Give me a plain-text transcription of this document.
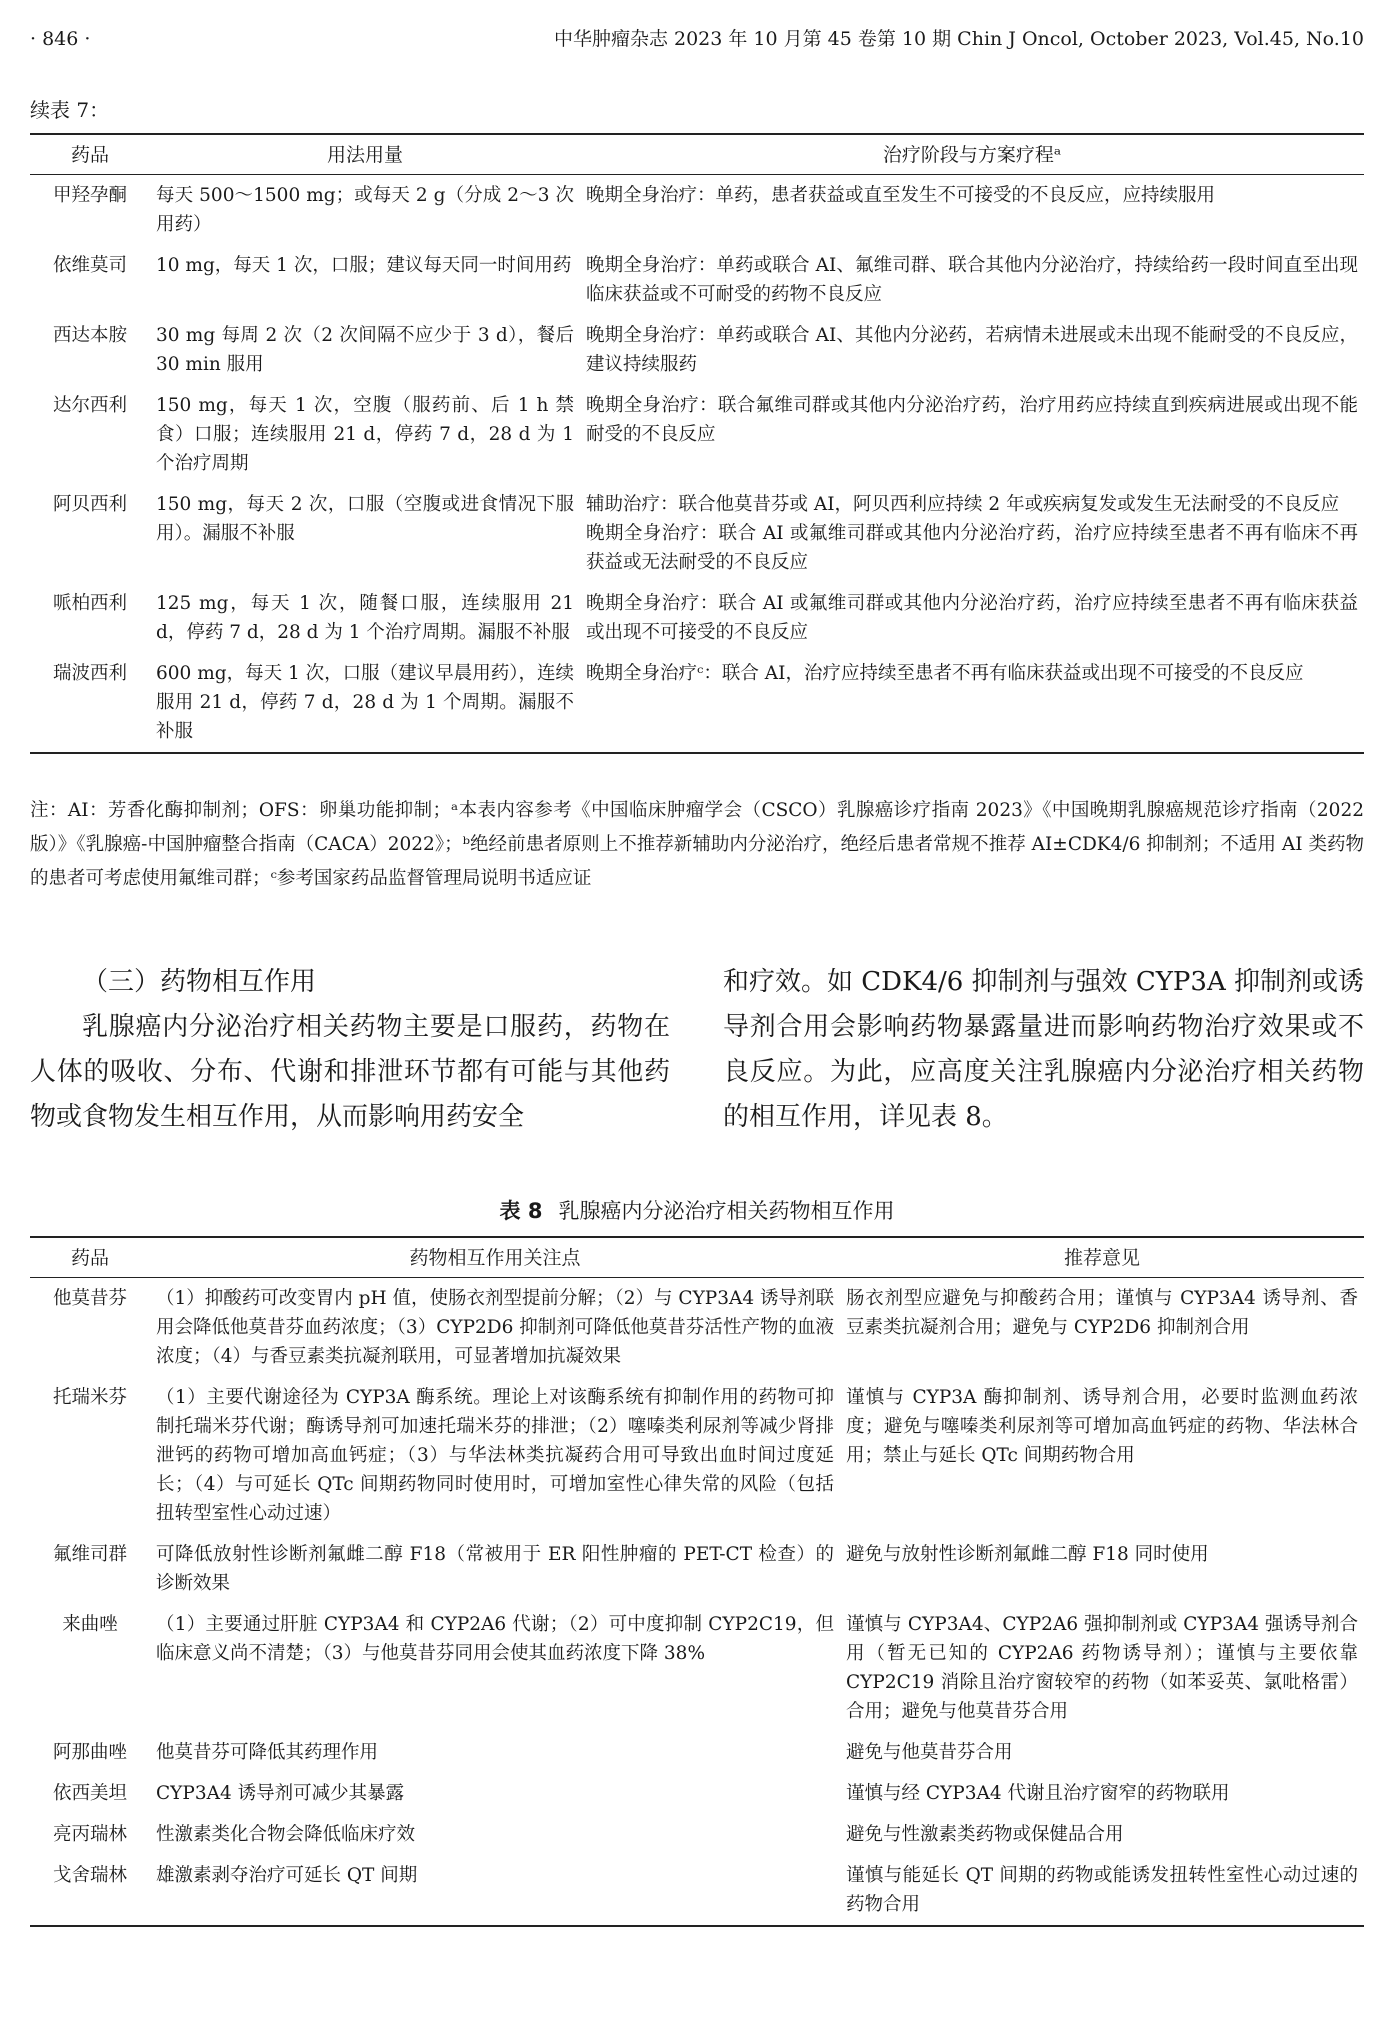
· 846 ·	中华肿瘤杂志 2023 年 10 月第 45 卷第 10 期 Chin J Oncol, October 2023, Vol.45, No.10
续表 7：
药品	用法用量	治疗阶段与方案疗程ᵃ
甲羟孕酮	每天 500～1500 mg；或每天 2 g（分成 2～3 次用药）	晚期全身治疗：单药，患者获益或直至发生不可接受的不良反应，应持续服用

依维莫司	10 mg，每天 1 次，口服；建议每天同一时间用药	晚期全身治疗：单药或联合 AI、氟维司群、联合其他内分泌治疗，持续给药一段时间直至出现临床获益或不可耐受的药物不良反应

西达本胺	30 mg 每周 2 次（2 次间隔不应少于 3 d），餐后 30 min 服用	晚期全身治疗：单药或联合 AI、其他内分泌药，若病情未进展或未出现不能耐受的不良反应，建议持续服药

达尔西利	150 mg，每天 1 次，空腹（服药前、后 1 h 禁食）口服；连续服用 21 d，停药 7 d，28 d 为 1 个治疗周期	晚期全身治疗：联合氟维司群或其他内分泌治疗药，治疗用药应持续直到疾病进展或出现不能耐受的不良反应

阿贝西利	150 mg，每天 2 次，口服（空腹或进食情况下服用）。漏服不补服	辅助治疗：联合他莫昔芬或 AI，阿贝西利应持续 2 年或疾病复发或发生无法耐受的不良反应
晚期全身治疗：联合 AI 或氟维司群或其他内分泌治疗药，治疗应持续至患者不再有临床不再获益或无法耐受的不良反应

哌柏西利	125 mg，每天 1 次，随餐口服，连续服用 21 d，停药 7 d，28 d 为 1 个治疗周期。漏服不补服	晚期全身治疗：联合 AI 或氟维司群或其他内分泌治疗药，治疗应持续至患者不再有临床获益或出现不可接受的不良反应

瑞波西利	600 mg，每天 1 次，口服（建议早晨用药），连续服用 21 d，停药 7 d，28 d 为 1 个周期。漏服不补服	晚期全身治疗ᶜ：联合 AI，治疗应持续至患者不再有临床获益或出现不可接受的不良反应
注：AI：芳香化酶抑制剂；OFS：卵巢功能抑制；ᵃ本表内容参考《中国临床肿瘤学会（CSCO）乳腺癌诊疗指南 2023》《中国晚期乳腺癌规范诊疗指南（2022 版）》《乳腺癌-中国肿瘤整合指南（CACA）2022》；ᵇ绝经前患者原则上不推荐新辅助内分泌治疗，绝经后患者常规不推荐 AI±CDK4/6 抑制剂；不适用 AI 类药物的患者可考虑使用氟维司群；ᶜ参考国家药品监督管理局说明书适应证

（三）药物相互作用

乳腺癌内分泌治疗相关药物主要是口服药，药物在人体的吸收、分布、代谢和排泄环节都有可能与其他药物或食物发生相互作用，从而影响用药安全

和疗效。如 CDK4/6 抑制剂与强效 CYP3A 抑制剂或诱导剂合用会影响药物暴露量进而影响药物治疗效果或不良反应。为此，应高度关注乳腺癌内分泌治疗相关药物的相互作用，详见表 8。

表 8 乳腺癌内分泌治疗相关药物相互作用
药品	药物相互作用关注点	推荐意见
他莫昔芬	（1）抑酸药可改变胃内 pH 值，使肠衣剂型提前分解；（2）与 CYP3A4 诱导剂联用会降低他莫昔芬血药浓度；（3）CYP2D6 抑制剂可降低他莫昔芬活性产物的血液浓度；（4）与香豆素类抗凝剂联用，可显著增加抗凝效果	肠衣剂型应避免与抑酸药合用；谨慎与 CYP3A4 诱导剂、香豆素类抗凝剂合用；避免与 CYP2D6 抑制剂合用
托瑞米芬	（1）主要代谢途径为 CYP3A 酶系统。理论上对该酶系统有抑制作用的药物可抑制托瑞米芬代谢；酶诱导剂可加速托瑞米芬的排泄；（2）噻嗪类利尿剂等减少肾排泄钙的药物可增加高血钙症；（3）与华法林类抗凝药合用可导致出血时间过度延长；（4）与可延长 QTc 间期药物同时使用时，可增加室性心律失常的风险（包括扭转型室性心动过速）	谨慎与 CYP3A 酶抑制剂、诱导剂合用，必要时监测血药浓度；避免与噻嗪类利尿剂等可增加高血钙症的药物、华法林合用；禁止与延长 QTc 间期药物合用
氟维司群	可降低放射性诊断剂氟雌二醇 F18（常被用于 ER 阳性肿瘤的 PET-CT 检查）的诊断效果	避免与放射性诊断剂氟雌二醇 F18 同时使用
来曲唑	（1）主要通过肝脏 CYP3A4 和 CYP2A6 代谢；（2）可中度抑制 CYP2C19，但临床意义尚不清楚；（3）与他莫昔芬同用会使其血药浓度下降 38%	谨慎与 CYP3A4、CYP2A6 强抑制剂或 CYP3A4 强诱导剂合用（暂无已知的 CYP2A6 药物诱导剂）；谨慎与主要依靠 CYP2C19 消除且治疗窗较窄的药物（如苯妥英、氯吡格雷）合用；避免与他莫昔芬合用
阿那曲唑	他莫昔芬可降低其药理作用	避免与他莫昔芬合用
依西美坦	CYP3A4 诱导剂可减少其暴露	谨慎与经 CYP3A4 代谢且治疗窗窄的药物联用
亮丙瑞林	性激素类化合物会降低临床疗效	避免与性激素类药物或保健品合用
戈舍瑞林	雄激素剥夺治疗可延长 QT 间期	谨慎与能延长 QT 间期的药物或能诱发扭转性室性心动过速的药物合用
